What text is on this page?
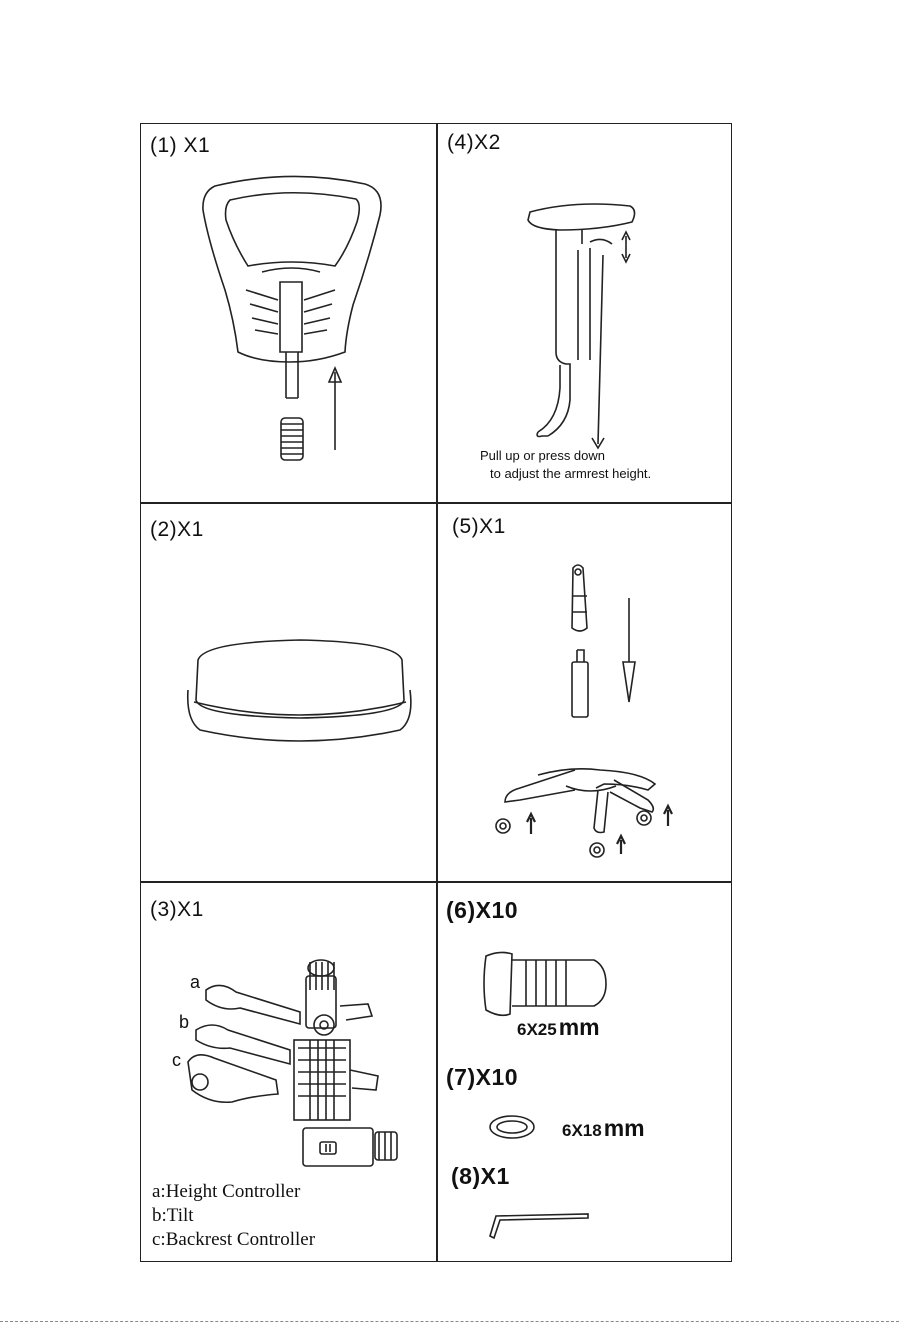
(1) X1
(2)X1
(3)X1
(4)X2
(5)X1
(6)X10
(7)X10
(8)X1
Pull up or press down
to adjust the armrest height.
6X25mm
6X18mm
a:Height Controller
b:Tilt
c:Backrest Controller
a
b
c
